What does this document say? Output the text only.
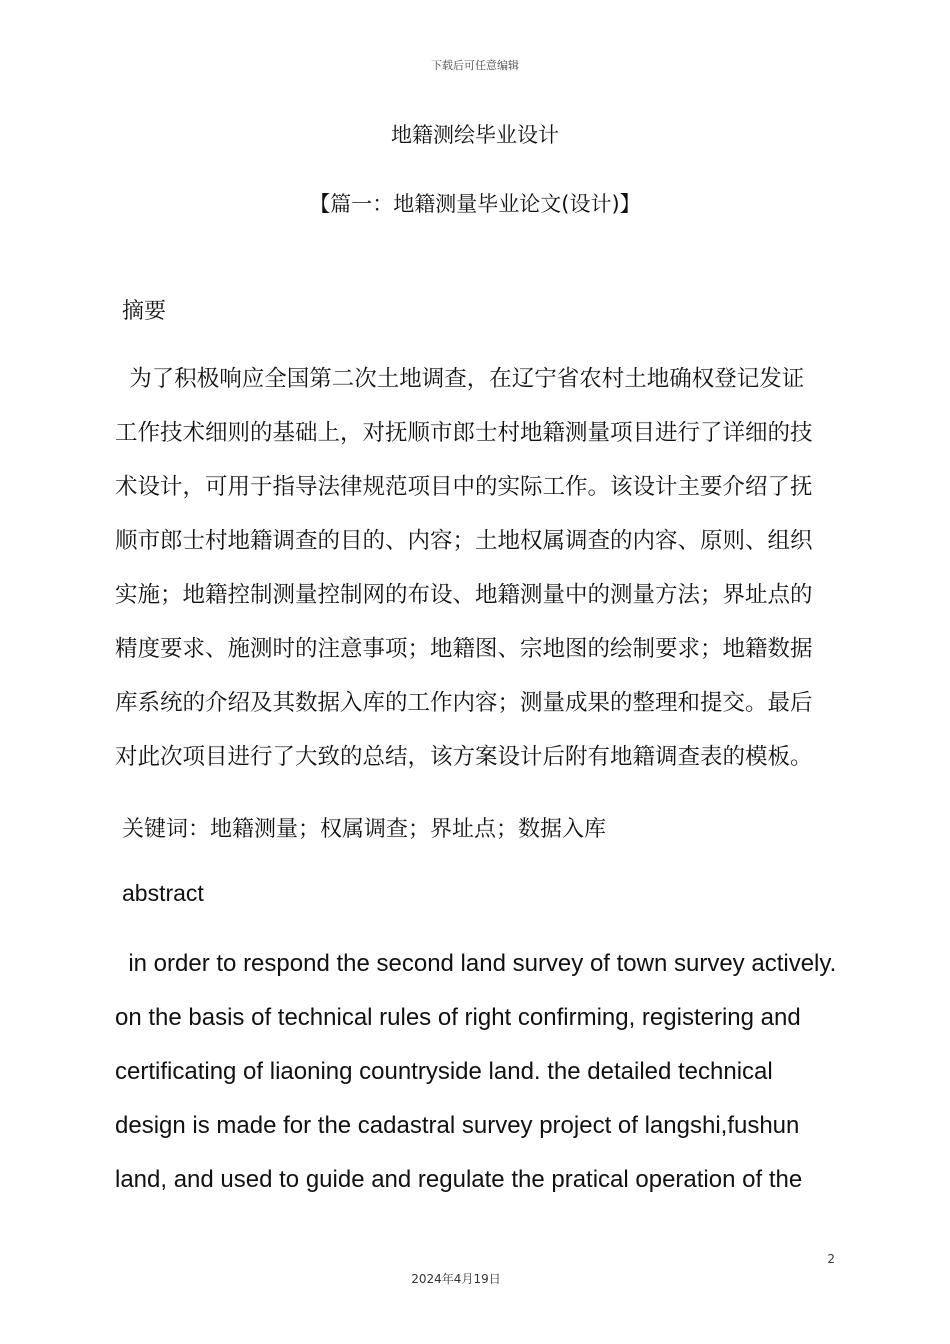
下载后可任意编辑
地籍测绘毕业设计
【篇一：地籍测量毕业论文(设计)】
摘要
为了积极响应全国第二次土地调查，在辽宁省农村土地确权登记发证
工作技术细则的基础上，对抚顺市郎士村地籍测量项目进行了详细的技
术设计，可用于指导法律规范项目中的实际工作。该设计主要介绍了抚
顺市郎士村地籍调查的目的、内容；土地权属调查的内容、原则、组织
实施；地籍控制测量控制网的布设、地籍测量中的测量方法；界址点的
精度要求、施测时的注意事项；地籍图、宗地图的绘制要求；地籍数据
库系统的介绍及其数据入库的工作内容；测量成果的整理和提交。最后
对此次项目进行了大致的总结，该方案设计后附有地籍调查表的模板。
关键词：地籍测量；权属调查；界址点；数据入库
abstract
in order to respond the second land survey of town survey actively.
on the basis of technical rules of right confirming, registering and
certificating of liaoning countryside land. the detailed technical
design is made for the cadastral survey project of langshi,fushun
land, and used to guide and regulate the pratical operation of the
2
2024年4月19日
